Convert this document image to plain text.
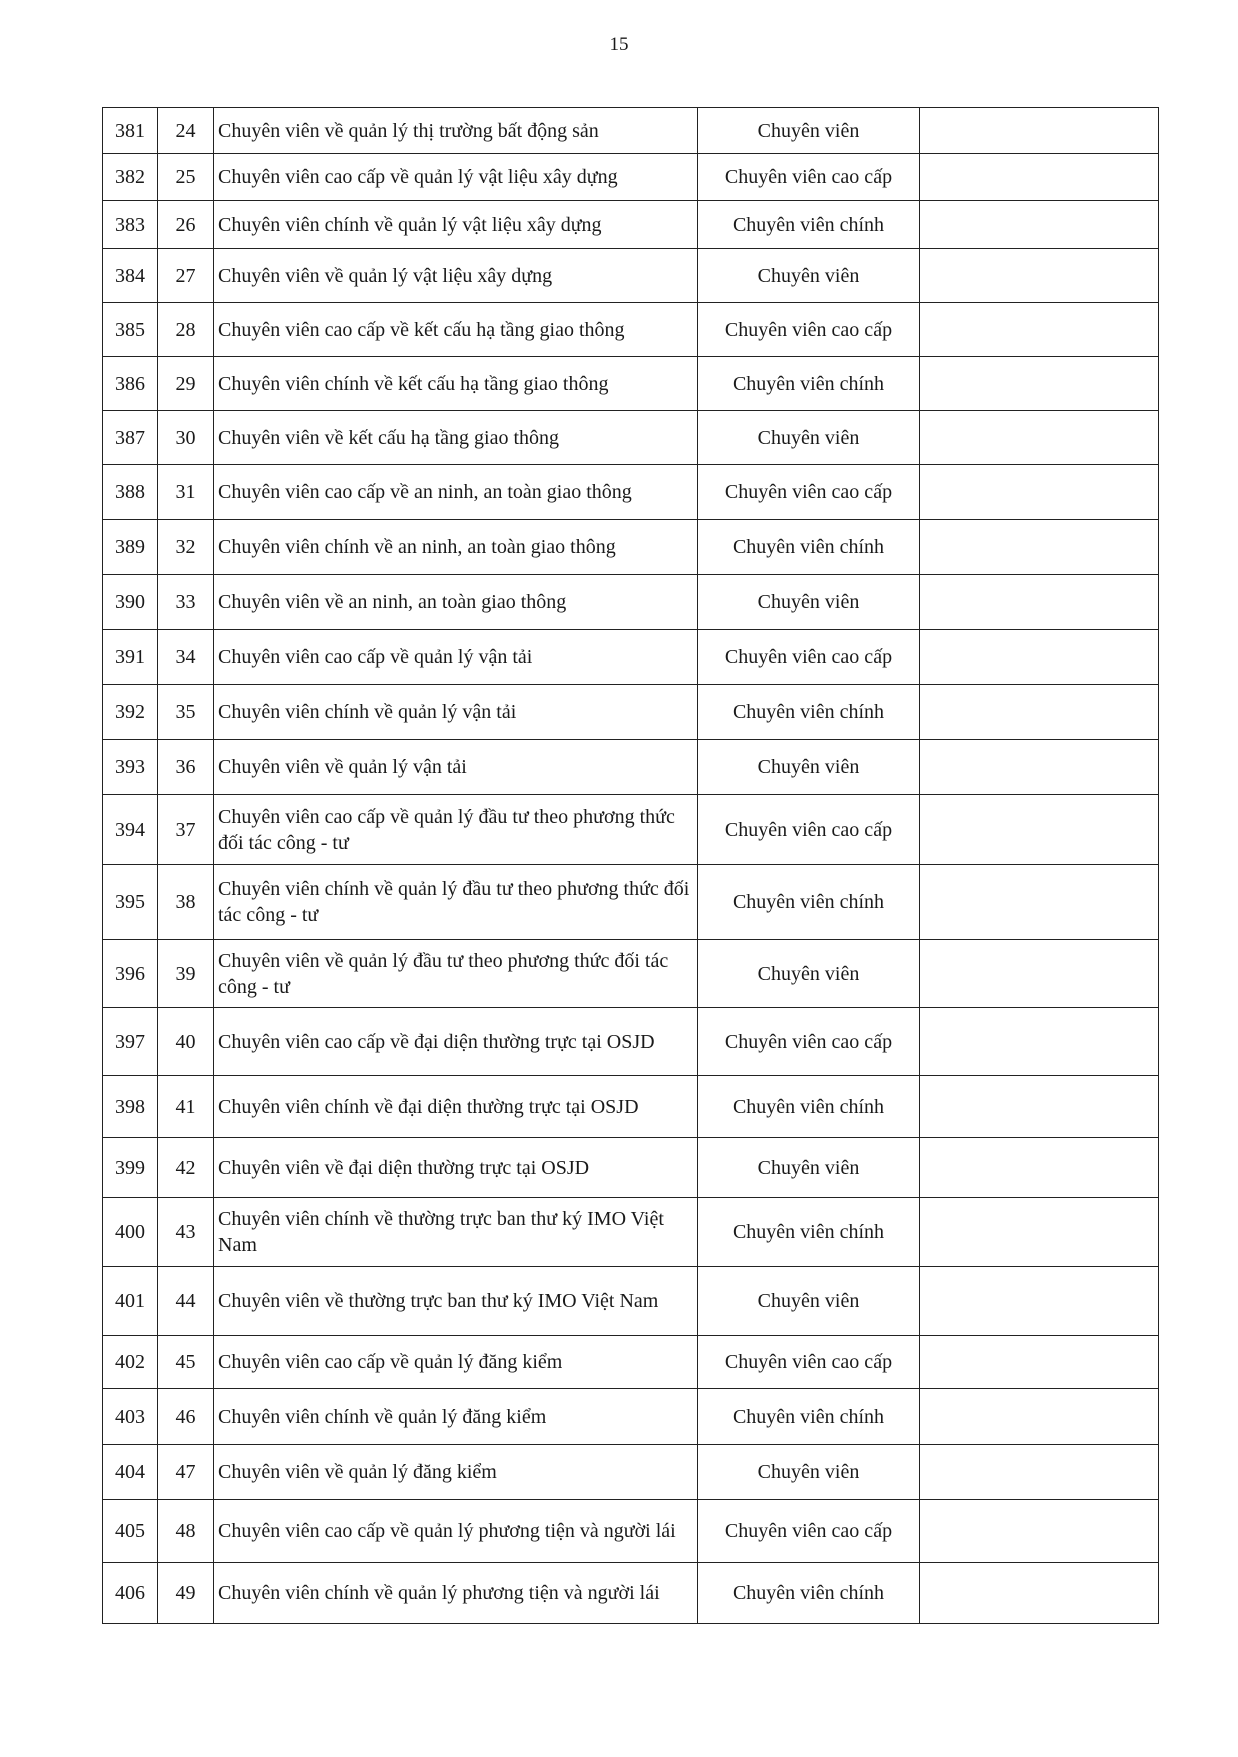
15
381	24	Chuyên viên về quản lý thị trường bất động sản	Chuyên viên	
382	25	Chuyên viên cao cấp về quản lý vật liệu xây dựng	Chuyên viên cao cấp	
383	26	Chuyên viên chính về quản lý vật liệu xây dựng	Chuyên viên chính	
384	27	Chuyên viên về quản lý vật liệu xây dựng	Chuyên viên	
385	28	Chuyên viên cao cấp về kết cấu hạ tầng giao thông	Chuyên viên cao cấp	
386	29	Chuyên viên chính về kết cấu hạ tầng giao thông	Chuyên viên chính	
387	30	Chuyên viên về kết cấu hạ tầng giao thông	Chuyên viên	
388	31	Chuyên viên cao cấp về an ninh, an toàn giao thông	Chuyên viên cao cấp	
389	32	Chuyên viên chính về an ninh, an toàn giao thông	Chuyên viên chính	
390	33	Chuyên viên về an ninh, an toàn giao thông	Chuyên viên	
391	34	Chuyên viên cao cấp về quản lý vận tải	Chuyên viên cao cấp	
392	35	Chuyên viên chính về quản lý vận tải	Chuyên viên chính	
393	36	Chuyên viên về quản lý vận tải	Chuyên viên	
394	37	Chuyên viên cao cấp về quản lý đầu tư theo phương thức đối tác công - tư	Chuyên viên cao cấp	
395	38	Chuyên viên chính về quản lý đầu tư theo phương thức đối tác công - tư	Chuyên viên chính	
396	39	Chuyên viên về quản lý đầu tư theo phương thức đối tác công - tư	Chuyên viên	
397	40	Chuyên viên cao cấp về đại diện thường trực tại OSJD	Chuyên viên cao cấp	
398	41	Chuyên viên chính về đại diện thường trực tại OSJD	Chuyên viên chính	
399	42	Chuyên viên về đại diện thường trực tại OSJD	Chuyên viên	
400	43	Chuyên viên chính về thường trực ban thư ký IMO Việt Nam	Chuyên viên chính	
401	44	Chuyên viên về thường trực ban thư ký IMO Việt Nam	Chuyên viên	
402	45	Chuyên viên cao cấp về quản lý đăng kiểm	Chuyên viên cao cấp	
403	46	Chuyên viên chính về quản lý đăng kiểm	Chuyên viên chính	
404	47	Chuyên viên về quản lý đăng kiểm	Chuyên viên	
405	48	Chuyên viên cao cấp về quản lý phương tiện và người lái	Chuyên viên cao cấp	
406	49	Chuyên viên chính về quản lý phương tiện và người lái	Chuyên viên chính	
